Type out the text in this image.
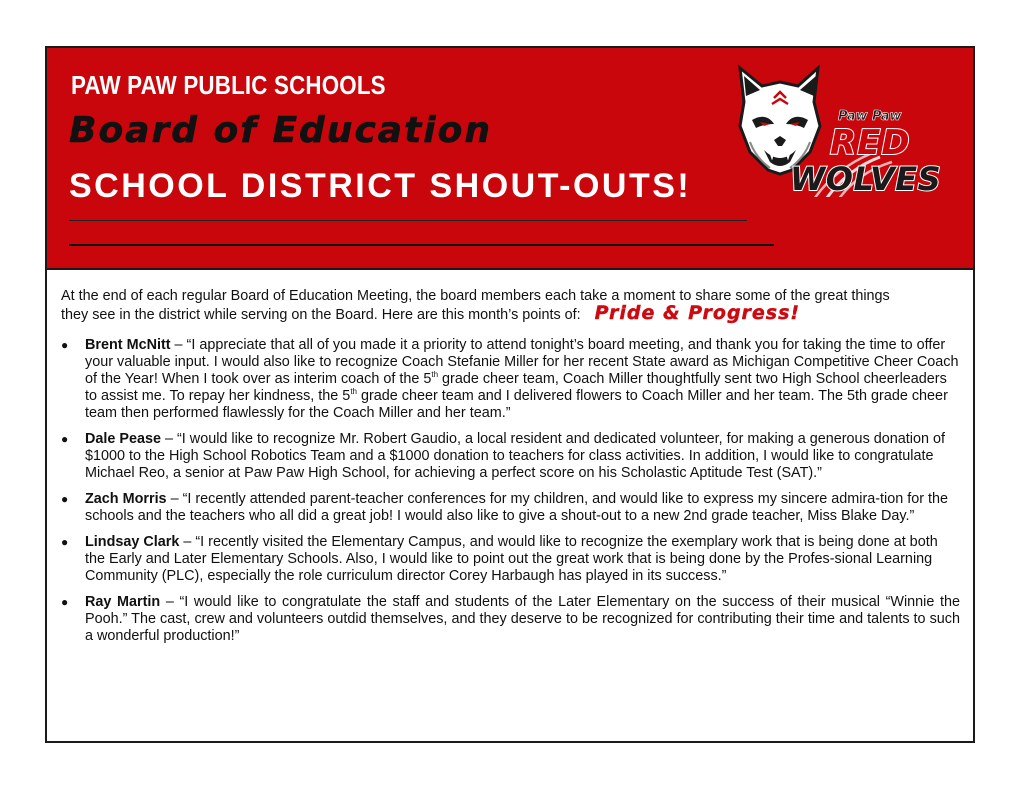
PAW PAW PUBLIC SCHOOLS
Board of Education
SCHOOL DISTRICT SHOUT-OUTS!
Paw Paw
RED
WOLVES

At the end of each regular Board of Education Meeting, the board members each take a moment to share some of the great things
they see in the district while serving on the Board. Here are this month’s points of: Pride & Progress!

● Brent McNitt – “I appreciate that all of you made it a priority to attend tonight’s board meeting, and thank you for taking the time to offer your valuable input. I would also like to recognize Coach Stefanie Miller for her recent State award as Michigan Competitive Cheer Coach of the Year! When I took over as interim coach of the 5th grade cheer team, Coach Miller thoughtfully sent two High School cheerleaders to assist me. To repay her kindness, the 5th grade cheer team and I delivered flowers to Coach Miller and her team. The 5th grade cheer team then performed flawlessly for the Coach Miller and her team.”
● Dale Pease – “I would like to recognize Mr. Robert Gaudio, a local resident and dedicated volunteer, for making a generous donation of $1000 to the High School Robotics Team and a $1000 donation to teachers for class activities. In addition, I would like to congratulate Michael Reo, a senior at Paw Paw High School, for achieving a perfect score on his Scholastic Aptitude Test (SAT).”
● Zach Morris – “I recently attended parent-teacher conferences for my children, and would like to express my sincere admira-tion for the schools and the teachers who all did a great job! I would also like to give a shout-out to a new 2nd grade teacher, Miss Blake Day.”
● Lindsay Clark – “I recently visited the Elementary Campus, and would like to recognize the exemplary work that is being done at both the Early and Later Elementary Schools. Also, I would like to point out the great work that is being done by the Profes-sional Learning Community (PLC), especially the role curriculum director Corey Harbaugh has played in its success.”
● Ray Martin – “I would like to congratulate the staff and students of the Later Elementary on the success of their musical “Winnie the Pooh.” The cast, crew and volunteers outdid themselves, and they deserve to be recognized for contributing their time and talents to such a wonderful production!”
